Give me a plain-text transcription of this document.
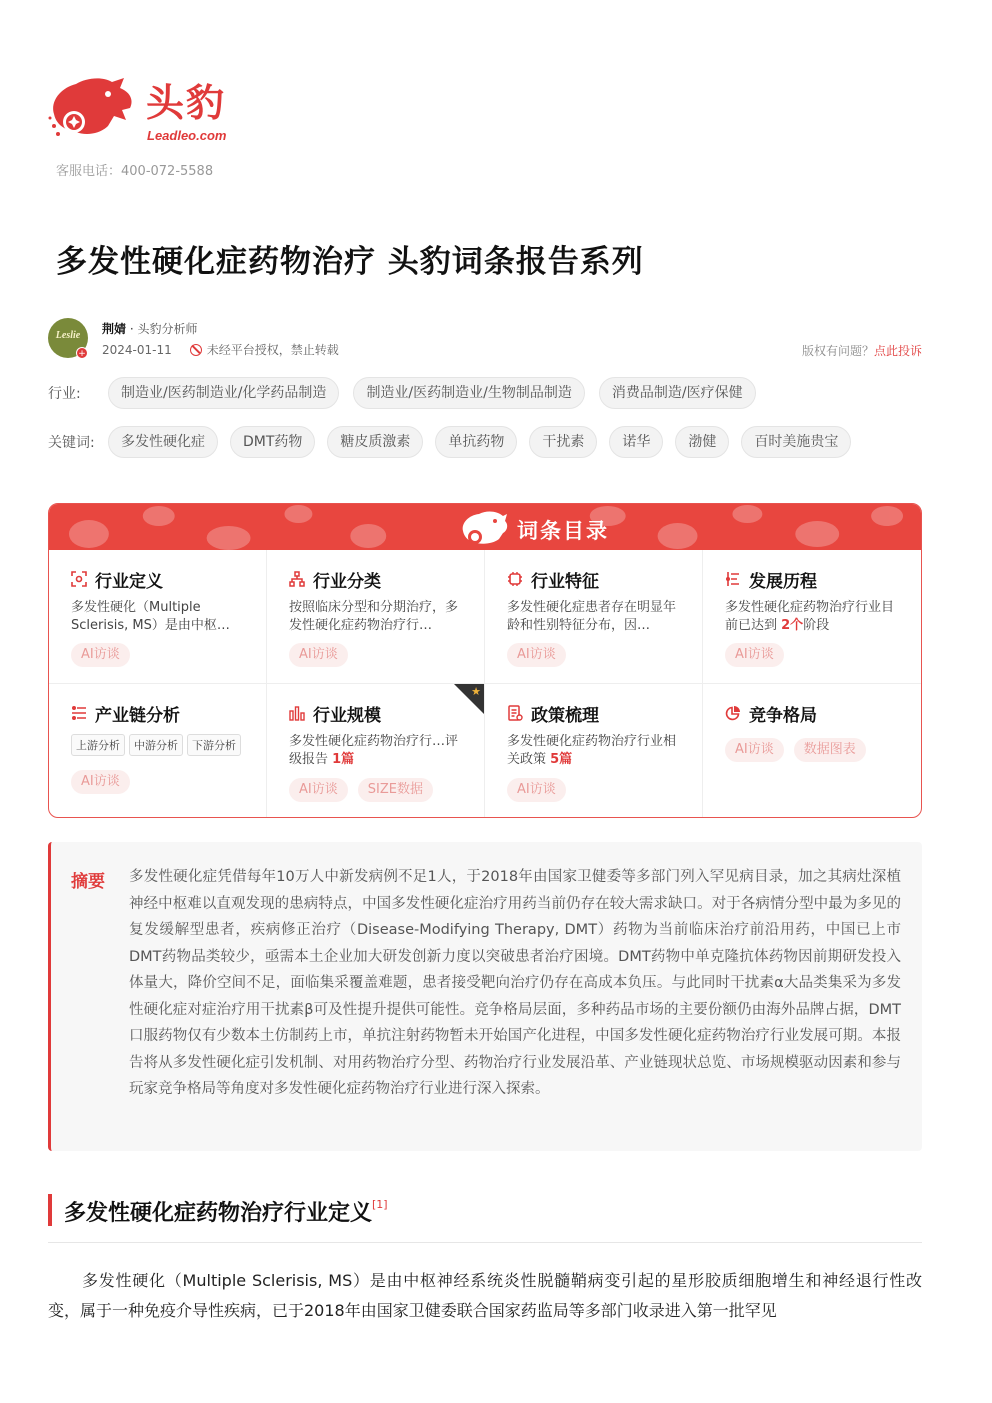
头豹
Leadleo.com
客服电话：400-072-5588
多发性硬化症药物治疗 头豹词条报告系列
Leslie
+
荆婧 · 头豹分析师
2024-01-11	未经平台授权，禁止转载	版权有问题？点此投诉
行业:	制造业/医药制造业/化学药品制造	制造业/医药制造业/生物制品制造	消费品制造/医疗保健
关键词:	多发性硬化症	DMT药物	糖皮质激素	单抗药物	干扰素	诺华	渤健	百时美施贵宝
词条目录
行业定义
多发性硬化（Multiple Sclerisis, MS）是由中枢…
AI访谈
行业分类
按照临床分型和分期治疗，多发性硬化症药物治疗行…
AI访谈
行业特征
多发性硬化症患者存在明显年龄和性别特征分布，因…
AI访谈
发展历程
多发性硬化症药物治疗行业目前已达到 2个阶段
AI访谈
产业链分析
上游分析	中游分析	下游分析
AI访谈
★
行业规模
多发性硬化症药物治疗行…评级报告 1篇
AI访谈	SIZE数据
政策梳理
多发性硬化症药物治疗行业相关政策 5篇
AI访谈
竞争格局
AI访谈	数据图表
摘要 多发性硬化症凭借每年10万人中新发病例不足1人，于2018年由国家卫健委等多部门列入罕见病目录，加之其病灶深植神经中枢难以直观发现的患病特点，中国多发性硬化症治疗用药当前仍存在较大需求缺口。对于各病情分型中最为多见的复发缓解型患者，疾病修正治疗（Disease-Modifying Therapy, DMT）药物为当前临床治疗前沿用药，中国已上市DMT药物品类较少，亟需本土企业加大研发创新力度以突破患者治疗困境。DMT药物中单克隆抗体药物因前期研发投入体量大，降价空间不足，面临集采覆盖难题，患者接受靶向治疗仍存在高成本负压。与此同时干扰素α大品类集采为多发性硬化症对症治疗用干扰素β可及性提升提供可能性。竞争格局层面，多种药品市场的主要份额仍由海外品牌占据，DMT口服药物仅有少数本土仿制药上市，单抗注射药物暂未开始国产化进程，中国多发性硬化症药物治疗行业发展可期。本报告将从多发性硬化症引发机制、对用药物治疗分型、药物治疗行业发展沿革、产业链现状总览、市场规模驱动因素和参与玩家竞争格局等角度对多发性硬化症药物治疗行业进行深入探索。
多发性硬化症药物治疗行业定义[1]

多发性硬化（Multiple Sclerisis, MS）是由中枢神经系统炎性脱髓鞘病变引起的星形胶质细胞增生和神经退行性改变，属于一种免疫介导性疾病，已于2018年由国家卫健委联合国家药监局等多部门收录进入第一批罕见
